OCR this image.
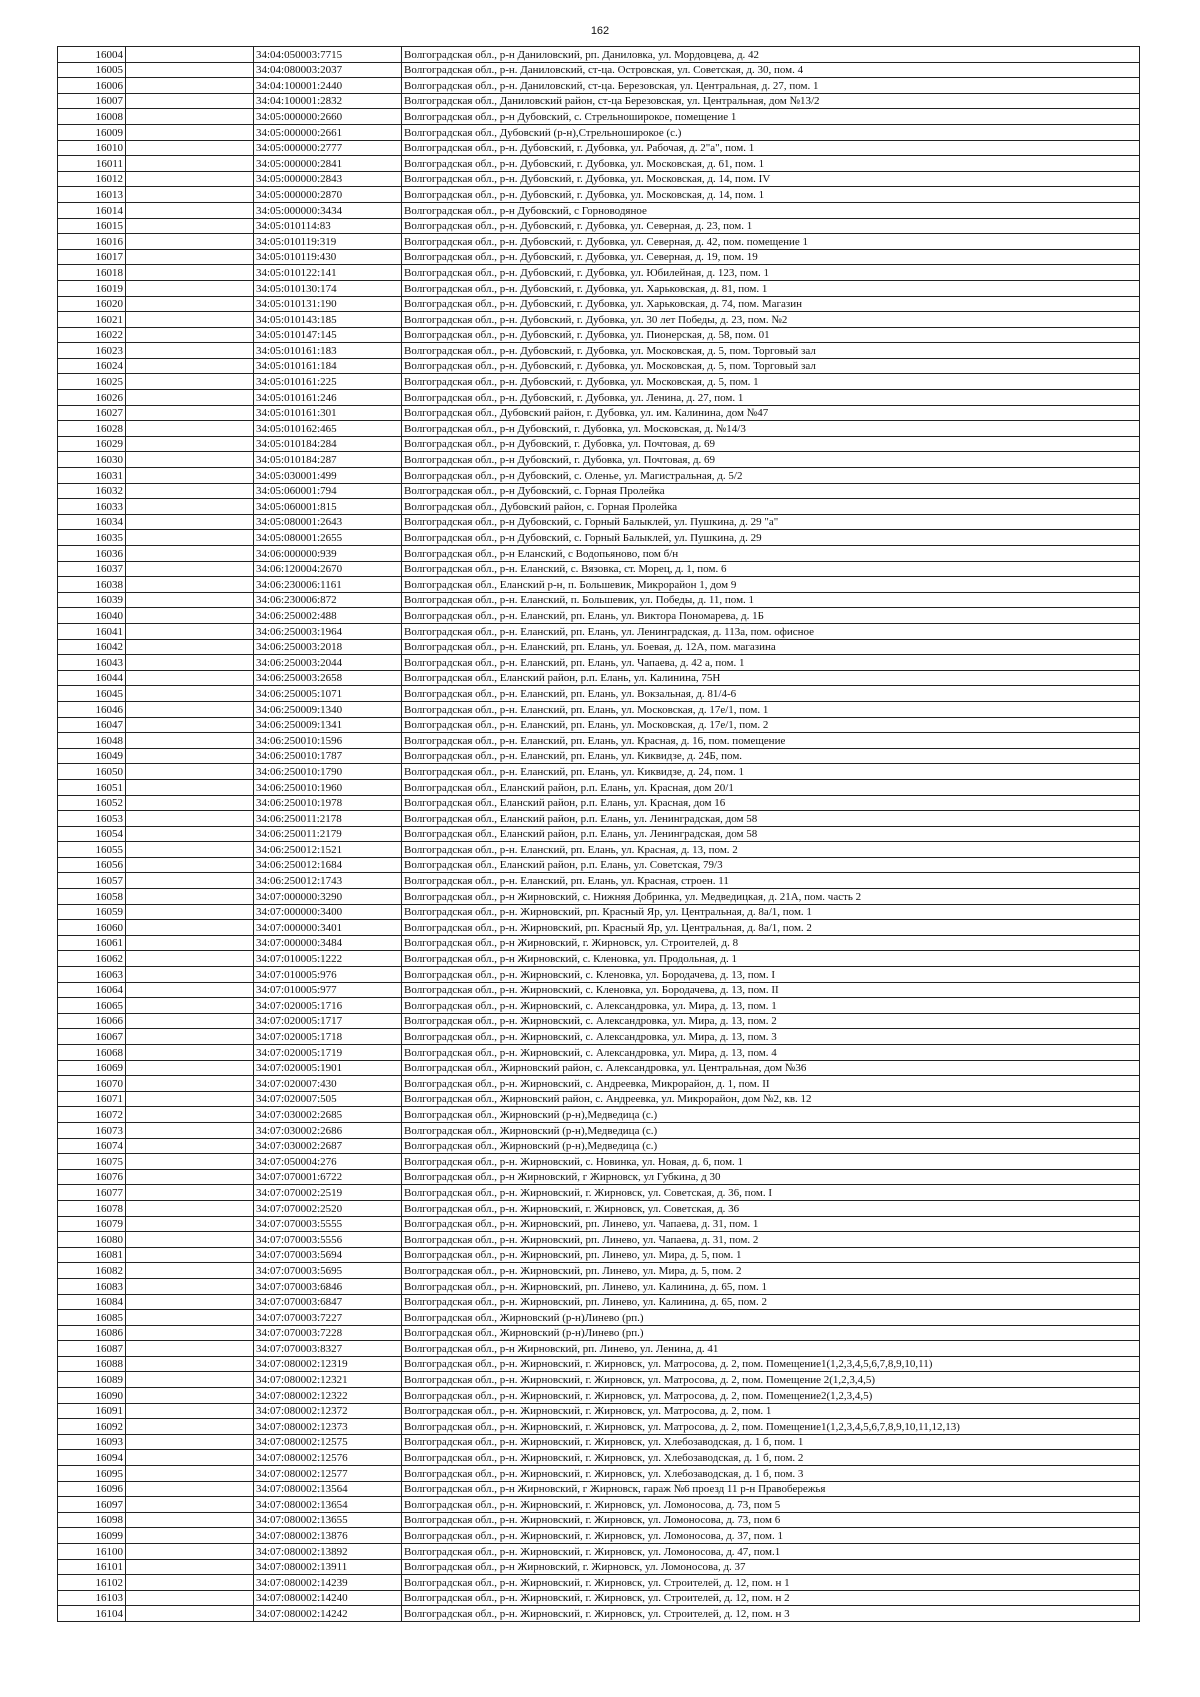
162
16004		34:04:050003:7715	Волгоградская обл., р-н Даниловский, рп. Даниловка, ул. Мордовцева, д. 42
16005		34:04:080003:2037	Волгоградская обл., р-н. Даниловский, ст-ца. Островская, ул. Советская, д. 30, пом. 4
16006		34:04:100001:2440	Волгоградская обл., р-н. Даниловский, ст-ца. Березовская, ул. Центральная, д. 27, пом. 1
16007		34:04:100001:2832	Волгоградская обл., Даниловский район, ст-ца Березовская, ул. Центральная, дом №13/2
16008		34:05:000000:2660	Волгоградская обл., р-н Дубовский, с. Стрельноширокое, помещение 1
16009		34:05:000000:2661	Волгоградская обл., Дубовский (р-н),Стрельноширокое (с.)
16010		34:05:000000:2777	Волгоградская обл., р-н. Дубовский, г. Дубовка, ул. Рабочая, д. 2"а", пом. 1
16011		34:05:000000:2841	Волгоградская обл., р-н. Дубовский, г. Дубовка, ул. Московская, д. 61, пом. 1
16012		34:05:000000:2843	Волгоградская обл., р-н. Дубовский, г. Дубовка, ул. Московская, д. 14, пом. IV
16013		34:05:000000:2870	Волгоградская обл., р-н. Дубовский, г. Дубовка, ул. Московская, д. 14, пом. 1
16014		34:05:000000:3434	Волгоградская обл., р-н Дубовский, с Горноводяное
16015		34:05:010114:83	Волгоградская обл., р-н. Дубовский, г. Дубовка, ул. Северная, д. 23, пом. 1
16016		34:05:010119:319	Волгоградская обл., р-н. Дубовский, г. Дубовка, ул. Северная, д. 42, пом. помещение 1
16017		34:05:010119:430	Волгоградская обл., р-н. Дубовский, г. Дубовка, ул. Северная, д. 19, пом. 19
16018		34:05:010122:141	Волгоградская обл., р-н. Дубовский, г. Дубовка, ул. Юбилейная, д. 123, пом. 1
16019		34:05:010130:174	Волгоградская обл., р-н. Дубовский, г. Дубовка, ул. Харьковская, д. 81, пом. 1
16020		34:05:010131:190	Волгоградская обл., р-н. Дубовский, г. Дубовка, ул. Харьковская, д. 74, пом. Магазин
16021		34:05:010143:185	Волгоградская обл., р-н. Дубовский, г. Дубовка, ул. 30 лет Победы, д. 23, пом. №2
16022		34:05:010147:145	Волгоградская обл., р-н. Дубовский, г. Дубовка, ул. Пионерская, д. 58, пом. 01
16023		34:05:010161:183	Волгоградская обл., р-н. Дубовский, г. Дубовка, ул. Московская, д. 5, пом. Торговый зал
16024		34:05:010161:184	Волгоградская обл., р-н. Дубовский, г. Дубовка, ул. Московская, д. 5, пом. Торговый зал
16025		34:05:010161:225	Волгоградская обл., р-н. Дубовский, г. Дубовка, ул. Московская, д. 5, пом. 1
16026		34:05:010161:246	Волгоградская обл., р-н. Дубовский, г. Дубовка, ул. Ленина, д. 27, пом. 1
16027		34:05:010161:301	Волгоградская обл., Дубовский район, г. Дубовка, ул. им. Калинина, дом №47
16028		34:05:010162:465	Волгоградская обл., р-н Дубовский, г. Дубовка, ул. Московская, д. №14/3
16029		34:05:010184:284	Волгоградская обл., р-н Дубовский, г. Дубовка, ул. Почтовая, д. 69
16030		34:05:010184:287	Волгоградская обл., р-н Дубовский, г. Дубовка, ул. Почтовая, д. 69
16031		34:05:030001:499	Волгоградская обл., р-н Дубовский, с. Оленье, ул. Магистральная, д. 5/2
16032		34:05:060001:794	Волгоградская обл., р-н Дубовский, с. Горная Пролейка
16033		34:05:060001:815	Волгоградская обл., Дубовский район, с. Горная Пролейка
16034		34:05:080001:2643	Волгоградская обл., р-н Дубовский, с. Горный Балыклей, ул. Пушкина, д. 29 "а"
16035		34:05:080001:2655	Волгоградская обл., р-н Дубовский, с. Горный Балыклей, ул. Пушкина, д. 29
16036		34:06:000000:939	Волгоградская обл., р-н Еланский, с Водопьяново, пом б/н
16037		34:06:120004:2670	Волгоградская обл., р-н. Еланский, с. Вязовка, ст. Морец, д. 1, пом. 6
16038		34:06:230006:1161	Волгоградская обл., Еланский р-н, п. Большевик, Микрорайон 1, дом 9
16039		34:06:230006:872	Волгоградская обл., р-н. Еланский, п. Большевик, ул. Победы, д. 11, пом. 1
16040		34:06:250002:488	Волгоградская обл., р-н. Еланский, рп. Елань, ул. Виктора Пономарева, д. 1Б
16041		34:06:250003:1964	Волгоградская обл., р-н. Еланский, рп. Елань, ул. Ленинградская, д. 113а, пом. офисное
16042		34:06:250003:2018	Волгоградская обл., р-н. Еланский, рп. Елань, ул. Боевая, д. 12А, пом. магазина
16043		34:06:250003:2044	Волгоградская обл., р-н. Еланский, рп. Елань, ул. Чапаева, д. 42 а, пом. 1
16044		34:06:250003:2658	Волгоградская обл., Еланский район, р.п. Елань, ул. Калинина, 75Н
16045		34:06:250005:1071	Волгоградская обл., р-н. Еланский, рп. Елань, ул. Вокзальная, д. 81/4-6
16046		34:06:250009:1340	Волгоградская обл., р-н. Еланский, рп. Елань, ул. Московская, д. 17е/1, пом. 1
16047		34:06:250009:1341	Волгоградская обл., р-н. Еланский, рп. Елань, ул. Московская, д. 17е/1, пом. 2
16048		34:06:250010:1596	Волгоградская обл., р-н. Еланский, рп. Елань, ул. Красная, д. 16, пом. помещение
16049		34:06:250010:1787	Волгоградская обл., р-н. Еланский, рп. Елань, ул. Киквидзе, д. 24Б, пом.
16050		34:06:250010:1790	Волгоградская обл., р-н. Еланский, рп. Елань, ул. Киквидзе, д. 24, пом. 1
16051		34:06:250010:1960	Волгоградская обл., Еланский район, р.п. Елань, ул. Красная, дом 20/1
16052		34:06:250010:1978	Волгоградская обл., Еланский район, р.п. Елань, ул. Красная, дом 16
16053		34:06:250011:2178	Волгоградская обл., Еланский район, р.п. Елань, ул. Ленинградская, дом 58
16054		34:06:250011:2179	Волгоградская обл., Еланский район, р.п. Елань, ул. Ленинградская, дом 58
16055		34:06:250012:1521	Волгоградская обл., р-н. Еланский, рп. Елань, ул. Красная, д. 13, пом. 2
16056		34:06:250012:1684	Волгоградская обл., Еланский район, р.п. Елань, ул. Советская, 79/3
16057		34:06:250012:1743	Волгоградская обл., р-н. Еланский, рп. Елань, ул. Красная, строен. 11
16058		34:07:000000:3290	Волгоградская обл., р-н Жирновский, с. Нижняя Добринка, ул. Медведицкая, д. 21А, пом. часть 2
16059		34:07:000000:3400	Волгоградская обл., р-н. Жирновский, рп. Красный Яр, ул. Центральная, д. 8а/1, пом. 1
16060		34:07:000000:3401	Волгоградская обл., р-н. Жирновский, рп. Красный Яр, ул. Центральная, д. 8а/1, пом. 2
16061		34:07:000000:3484	Волгоградская обл., р-н Жирновский, г. Жирновск, ул. Строителей, д. 8
16062		34:07:010005:1222	Волгоградская обл., р-н Жирновский, с. Кленовка, ул. Продольная, д. 1
16063		34:07:010005:976	Волгоградская обл., р-н. Жирновский, с. Кленовка, ул. Бородачева, д. 13, пом. I
16064		34:07:010005:977	Волгоградская обл., р-н. Жирновский, с. Кленовка, ул. Бородачева, д. 13, пом. II
16065		34:07:020005:1716	Волгоградская обл., р-н. Жирновский, с. Александровка, ул. Мира, д. 13, пом. 1
16066		34:07:020005:1717	Волгоградская обл., р-н. Жирновский, с. Александровка, ул. Мира, д. 13, пом. 2
16067		34:07:020005:1718	Волгоградская обл., р-н. Жирновский, с. Александровка, ул. Мира, д. 13, пом. 3
16068		34:07:020005:1719	Волгоградская обл., р-н. Жирновский, с. Александровка, ул. Мира, д. 13, пом. 4
16069		34:07:020005:1901	Волгоградская обл., Жирновский район, с. Александровка, ул. Центральная, дом №36
16070		34:07:020007:430	Волгоградская обл., р-н. Жирновский, с. Андреевка, Микрорайон, д. 1, пом. II
16071		34:07:020007:505	Волгоградская обл., Жирновский район, с. Андреевка, ул. Микрорайон, дом №2, кв. 12
16072		34:07:030002:2685	Волгоградская обл., Жирновский (р-н),Медведица (с.)
16073		34:07:030002:2686	Волгоградская обл., Жирновский (р-н),Медведица (с.)
16074		34:07:030002:2687	Волгоградская обл., Жирновский (р-н),Медведица (с.)
16075		34:07:050004:276	Волгоградская обл., р-н. Жирновский, с. Новинка, ул. Новая, д. 6, пом. 1
16076		34:07:070001:6722	Волгоградская обл., р-н Жирновский, г Жирновск, ул Губкина, д 30
16077		34:07:070002:2519	Волгоградская обл., р-н. Жирновский, г. Жирновск, ул. Советская, д. 36, пом. I
16078		34:07:070002:2520	Волгоградская обл., р-н. Жирновский, г. Жирновск, ул. Советская, д. 36
16079		34:07:070003:5555	Волгоградская обл., р-н. Жирновский, рп. Линево, ул. Чапаева, д. 31, пом. 1
16080		34:07:070003:5556	Волгоградская обл., р-н. Жирновский, рп. Линево, ул. Чапаева, д. 31, пом. 2
16081		34:07:070003:5694	Волгоградская обл., р-н. Жирновский, рп. Линево, ул. Мира, д. 5, пом. 1
16082		34:07:070003:5695	Волгоградская обл., р-н. Жирновский, рп. Линево, ул. Мира, д. 5, пом. 2
16083		34:07:070003:6846	Волгоградская обл., р-н. Жирновский, рп. Линево, ул. Калинина, д. 65, пом. 1
16084		34:07:070003:6847	Волгоградская обл., р-н. Жирновский, рп. Линево, ул. Калинина, д. 65, пом. 2
16085		34:07:070003:7227	Волгоградская обл., Жирновский (р-н)Линево (рп.)
16086		34:07:070003:7228	Волгоградская обл., Жирновский (р-н)Линево (рп.)
16087		34:07:070003:8327	Волгоградская обл., р-н Жирновский, рп. Линево, ул. Ленина, д. 41
16088		34:07:080002:12319	Волгоградская обл., р-н. Жирновский, г. Жирновск, ул. Матросова, д. 2, пом. Помещение1(1,2,3,4,5,6,7,8,9,10,11)
16089		34:07:080002:12321	Волгоградская обл., р-н. Жирновский, г. Жирновск, ул. Матросова, д. 2, пом. Помещение 2(1,2,3,4,5)
16090		34:07:080002:12322	Волгоградская обл., р-н. Жирновский, г. Жирновск, ул. Матросова, д. 2, пом. Помещение2(1,2,3,4,5)
16091		34:07:080002:12372	Волгоградская обл., р-н. Жирновский, г. Жирновск, ул. Матросова, д. 2, пом. 1
16092		34:07:080002:12373	Волгоградская обл., р-н. Жирновский, г. Жирновск, ул. Матросова, д. 2, пом. Помещение1(1,2,3,4,5,6,7,8,9,10,11,12,13)
16093		34:07:080002:12575	Волгоградская обл., р-н. Жирновский, г. Жирновск, ул. Хлебозаводская, д. 1 б, пом. 1
16094		34:07:080002:12576	Волгоградская обл., р-н. Жирновский, г. Жирновск, ул. Хлебозаводская, д. 1 б, пом. 2
16095		34:07:080002:12577	Волгоградская обл., р-н. Жирновский, г. Жирновск, ул. Хлебозаводская, д. 1 б, пом. 3
16096		34:07:080002:13564	Волгоградская обл., р-н Жирновский, г Жирновск, гараж №6 проезд 11 р-н Правобережья
16097		34:07:080002:13654	Волгоградская обл., р-н. Жирновский, г. Жирновск, ул. Ломоносова, д. 73, пом 5
16098		34:07:080002:13655	Волгоградская обл., р-н. Жирновский, г. Жирновск, ул. Ломоносова, д. 73, пом 6
16099		34:07:080002:13876	Волгоградская обл., р-н. Жирновский, г. Жирновск, ул. Ломоносова, д. 37, пом. 1
16100		34:07:080002:13892	Волгоградская обл., р-н. Жирновский, г. Жирновск, ул. Ломоносова, д. 47, пом.1
16101		34:07:080002:13911	Волгоградская обл., р-н Жирновский, г. Жирновск, ул. Ломоносова, д. 37
16102		34:07:080002:14239	Волгоградская обл., р-н. Жирновский, г. Жирновск, ул. Строителей, д. 12, пом. н 1
16103		34:07:080002:14240	Волгоградская обл., р-н. Жирновский, г. Жирновск, ул. Строителей, д. 12, пом. н 2
16104		34:07:080002:14242	Волгоградская обл., р-н. Жирновский, г. Жирновск, ул. Строителей, д. 12, пом. н 3
